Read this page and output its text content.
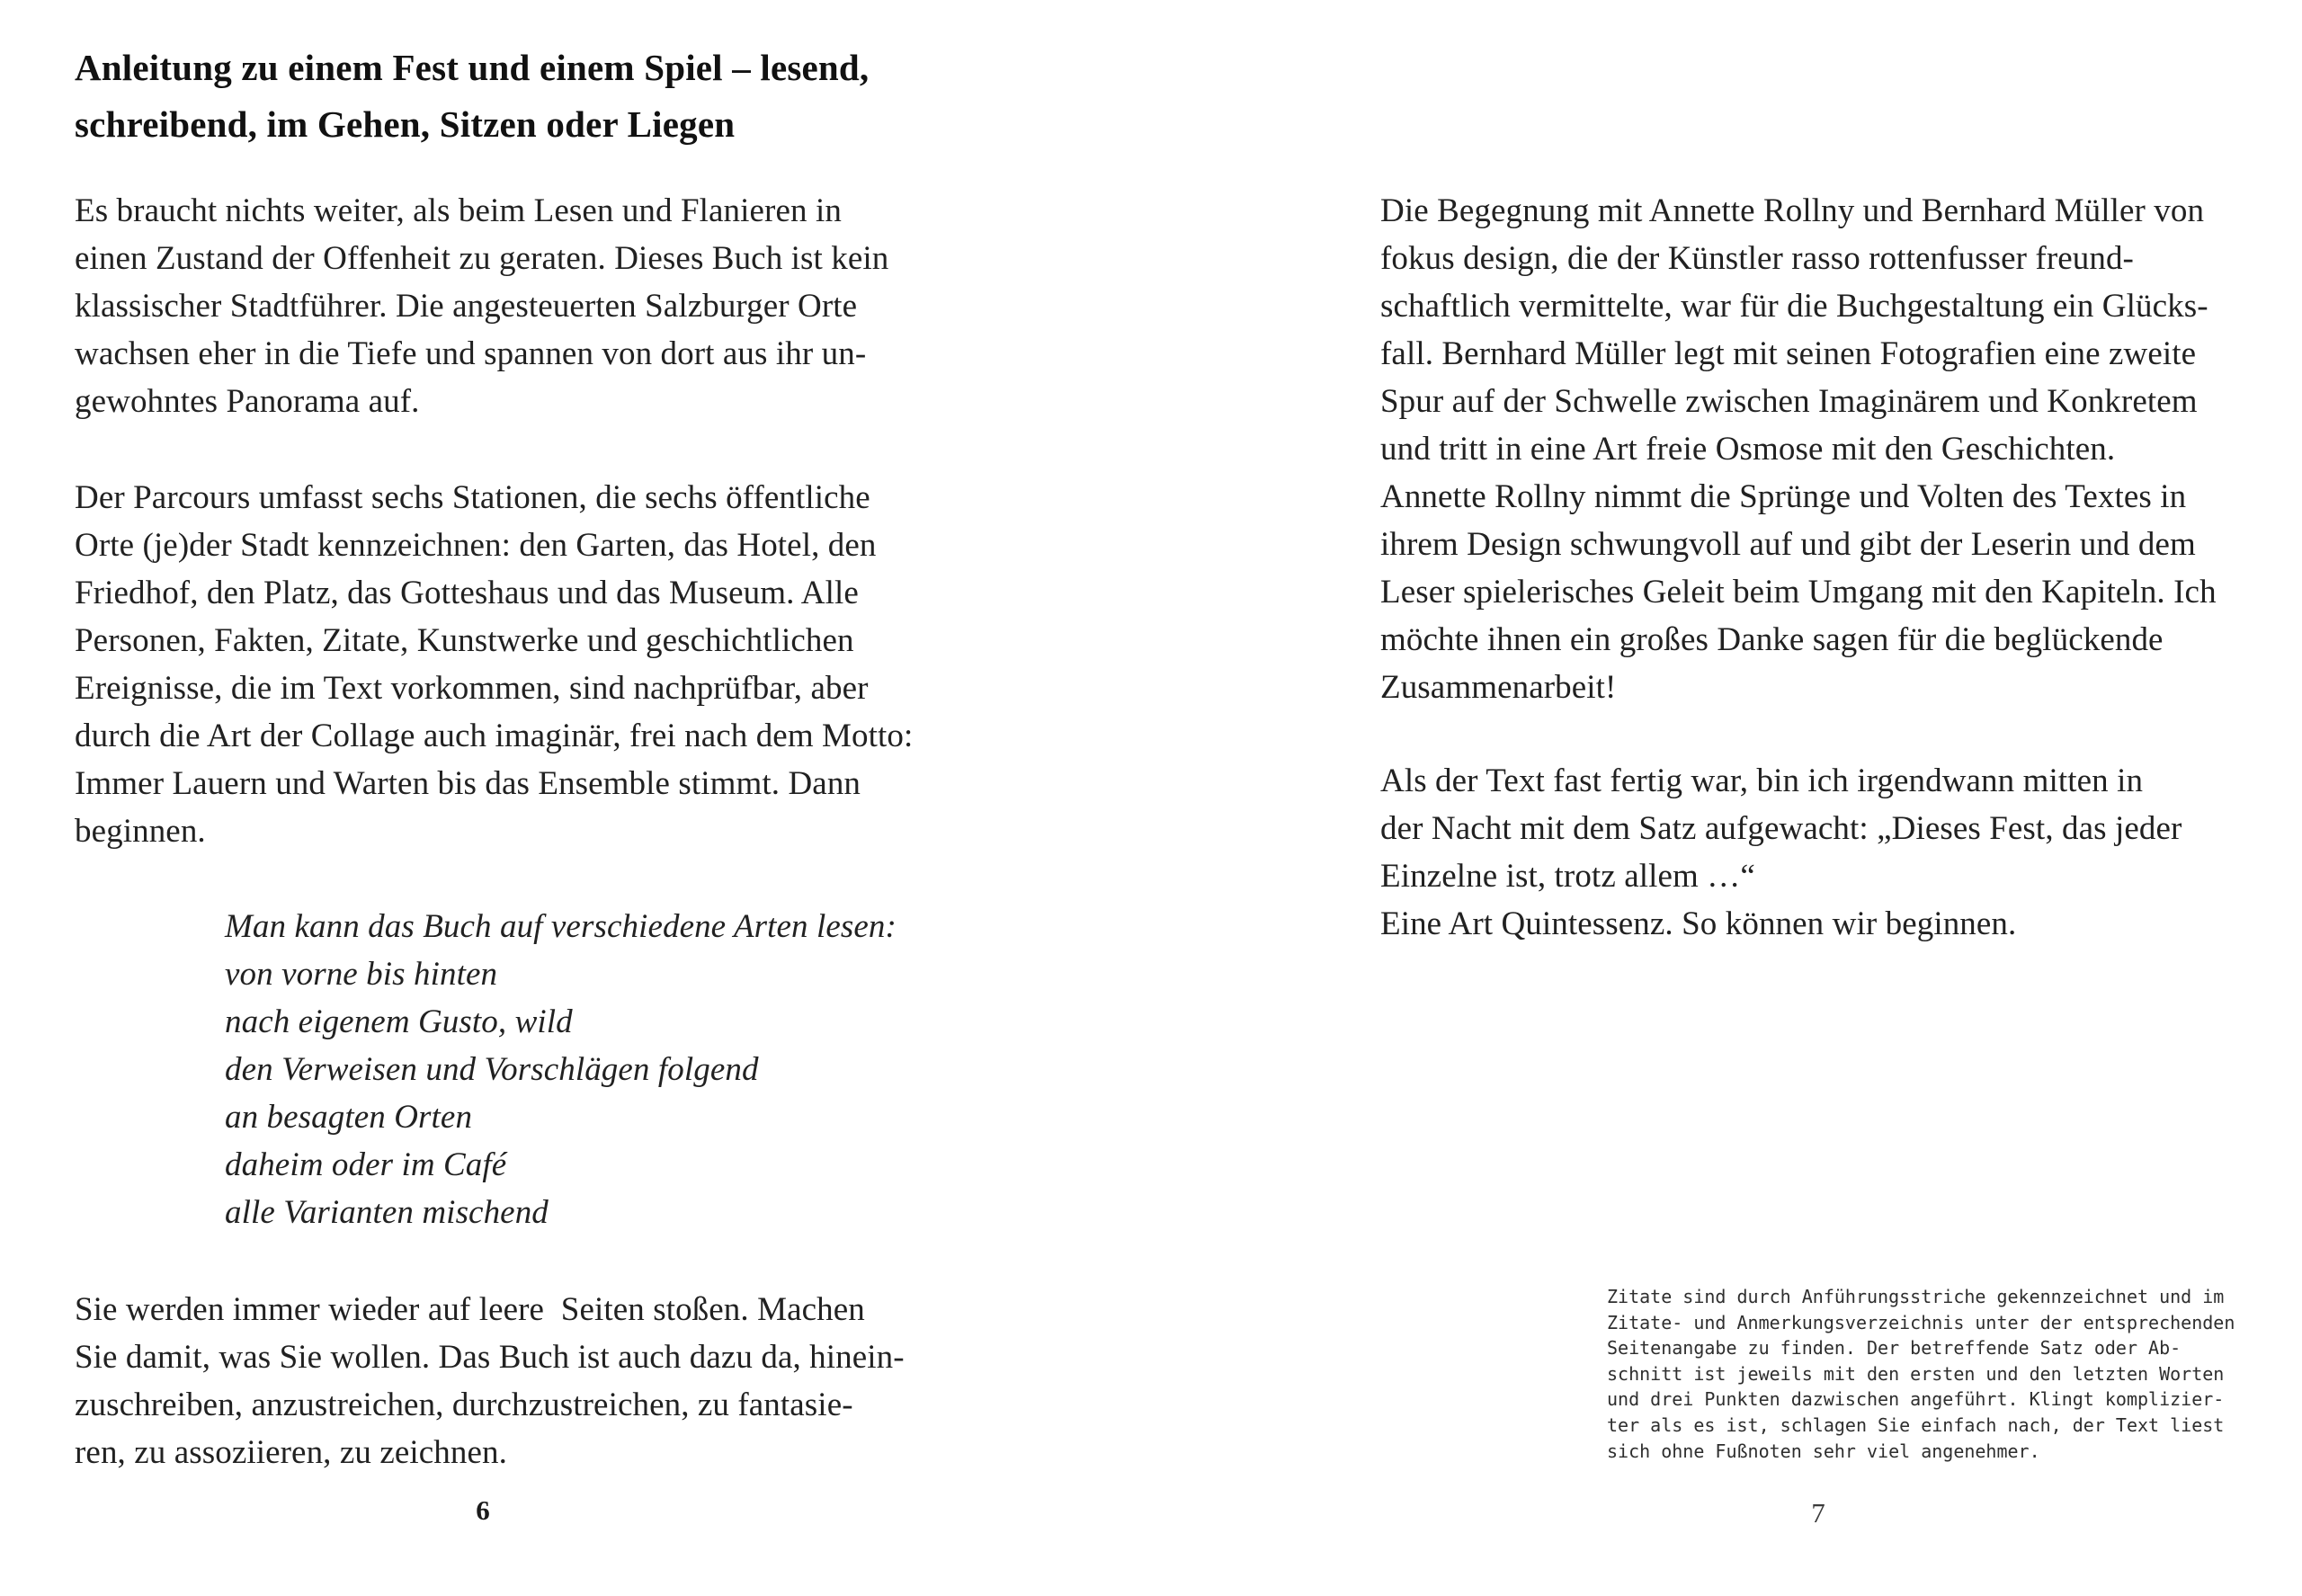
Anleitung zu einem Fest und einem Spiel – lesend,
schreibend, im Gehen, Sitzen oder Liegen
Es braucht nichts weiter, als beim Lesen und Flanieren in
einen Zustand der Offenheit zu geraten. Dieses Buch ist kein
klassischer Stadtführer. Die angesteuerten Salzburger Orte
wachsen eher in die Tiefe und spannen von dort aus ihr un-
gewohntes Panorama auf.
Der Parcours umfasst sechs Stationen, die sechs öffentliche
Orte (je)der Stadt kennzeichnen: den Garten, das Hotel, den
Friedhof, den Platz, das Gotteshaus und das Museum. Alle
Personen, Fakten, Zitate, Kunstwerke und geschichtlichen
Ereignisse, die im Text vorkommen, sind nachprüfbar, aber
durch die Art der Collage auch imaginär, frei nach dem Motto:
Immer Lauern und Warten bis das Ensemble stimmt. Dann
beginnen.
Man kann das Buch auf verschiedene Arten lesen:
von vorne bis hinten
nach eigenem Gusto, wild
den Verweisen und Vorschlägen folgend
an besagten Orten
daheim oder im Café
alle Varianten mischend
Sie werden immer wieder auf leere  Seiten stoßen. Machen
Sie damit, was Sie wollen. Das Buch ist auch dazu da, hinein-
zuschreiben, anzustreichen, durchzustreichen, zu fantasie-
ren, zu assoziieren, zu zeichnen.
6
Die Begegnung mit Annette Rollny und Bernhard Müller von
fokus design, die der Künstler rasso rottenfusser freund-
schaftlich vermittelte, war für die Buchgestaltung ein Glücks-
fall. Bernhard Müller legt mit seinen Fotografien eine zweite
Spur auf der Schwelle zwischen Imaginärem und Konkretem
und tritt in eine Art freie Osmose mit den Geschichten.
Annette Rollny nimmt die Sprünge und Volten des Textes in
ihrem Design schwungvoll auf und gibt der Leserin und dem
Leser spielerisches Geleit beim Umgang mit den Kapiteln. Ich
möchte ihnen ein großes Danke sagen für die beglückende
Zusammenarbeit!
Als der Text fast fertig war, bin ich irgendwann mitten in
der Nacht mit dem Satz aufgewacht: „Dieses Fest, das jeder
Einzelne ist, trotz allem …“
Eine Art Quintessenz. So können wir beginnen.
Zitate sind durch Anführungsstriche gekennzeichnet und im
Zitate- und Anmerkungsverzeichnis unter der entsprechenden
Seitenangabe zu finden. Der betreffende Satz oder Ab-
schnitt ist jeweils mit den ersten und den letzten Worten
und drei Punkten dazwischen angeführt. Klingt komplizier-
ter als es ist, schlagen Sie einfach nach, der Text liest
sich ohne Fußnoten sehr viel angenehmer.
7
